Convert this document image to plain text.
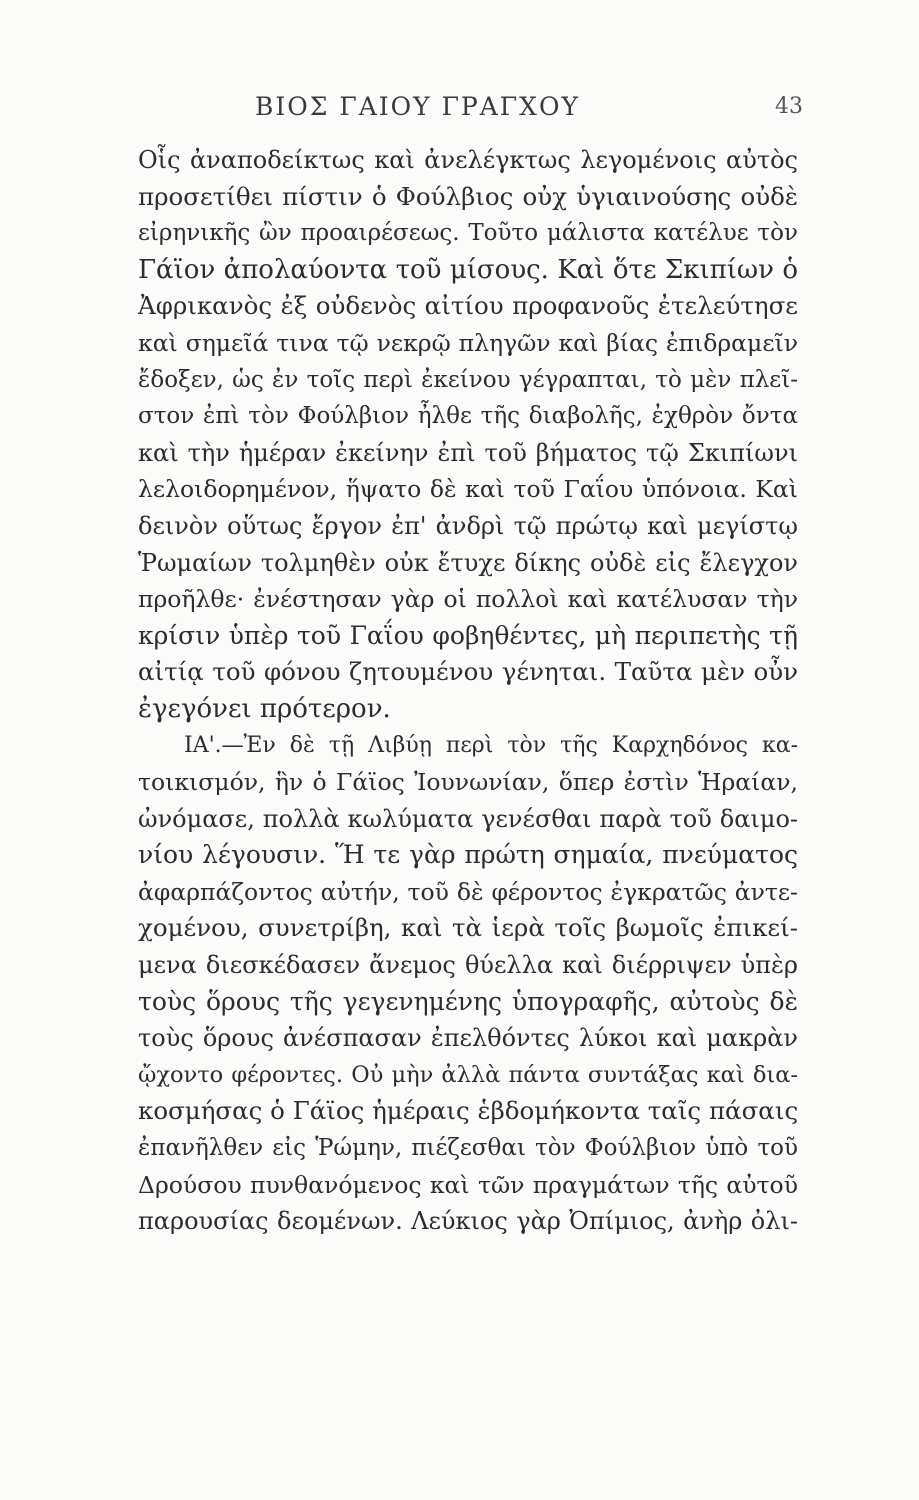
ΒΙΟΣ ΓΑΙΟΥ ΓΡΑΓΧΟΥ	43
Οἷς ἀναποδείκτως καὶ ἀνελέγκτως λεγομένοις αὐτὸς
προσετίθει πίστιν ὁ Φούλβιος οὐχ ὑγιαινούσης οὐδὲ
εἰρηνικῆς ὢν προαιρέσεως. Τοῦτο μάλιστα κατέλυε τὸν
Γάϊον ἀπολαύοντα τοῦ μίσους. Καὶ ὅτε Σκιπίων ὁ
Ἀφρικανὸς ἐξ οὐδενὸς αἰτίου προφανοῦς ἐτελεύτησε
καὶ σημεῖά τινα τῷ νεκρῷ πληγῶν καὶ βίας ἐπιδραμεῖν
ἔδοξεν, ὡς ἐν τοῖς περὶ ἐκείνου γέγραπται, τὸ μὲν πλεῖ-
στον ἐπὶ τὸν Φούλβιον ἦλθε τῆς διαβολῆς, ἐχθρὸν ὄντα
καὶ τὴν ἡμέραν ἐκείνην ἐπὶ τοῦ βήματος τῷ Σκιπίωνι
λελοιδορημένον, ἥψατο δὲ καὶ τοῦ Γαΐου ὑπόνοια. Καὶ
δεινὸν οὕτως ἔργον ἐπ' ἀνδρὶ τῷ πρώτῳ καὶ μεγίστῳ
Ῥωμαίων τολμηθὲν οὐκ ἔτυχε δίκης οὐδὲ εἰς ἔλεγχον
προῆλθε· ἐνέστησαν γὰρ οἱ πολλοὶ καὶ κατέλυσαν τὴν
κρίσιν ὑπὲρ τοῦ Γαΐου φοβηθέντες, μὴ περιπετὴς τῇ
αἰτίᾳ τοῦ φόνου ζητουμένου γένηται. Ταῦτα μὲν οὖν
ἐγεγόνει πρότερον.
ΙΑ'.—Ἐν δὲ τῇ Λιβύῃ περὶ τὸν τῆς Καρχηδόνος κα-
τοικισμόν, ἣν ὁ Γάϊος Ἰουνωνίαν, ὅπερ ἐστὶν Ἡραίαν,
ὠνόμασε, πολλὰ κωλύματα γενέσθαι παρὰ τοῦ δαιμο-
νίου λέγουσιν. Ἥ τε γὰρ πρώτη σημαία, πνεύματος
ἀφαρπάζοντος αὐτήν, τοῦ δὲ φέροντος ἐγκρατῶς ἀντε-
χομένου, συνετρίβη, καὶ τὰ ἱερὰ τοῖς βωμοῖς ἐπικεί-
μενα διεσκέδασεν ἄνεμος θύελλα καὶ διέρριψεν ὑπὲρ
τοὺς ὅρους τῆς γεγενημένης ὑπογραφῆς, αὐτοὺς δὲ
τοὺς ὅρους ἀνέσπασαν ἐπελθόντες λύκοι καὶ μακρὰν
ᾤχοντο φέροντες. Οὐ μὴν ἀλλὰ πάντα συντάξας καὶ δια-
κοσμήσας ὁ Γάϊος ἡμέραις ἑβδομήκοντα ταῖς πάσαις
ἐπανῆλθεν εἰς Ῥώμην, πιέζεσθαι τὸν Φούλβιον ὑπὸ τοῦ
Δρούσου πυνθανόμενος καὶ τῶν πραγμάτων τῆς αὐτοῦ
παρουσίας δεομένων. Λεύκιος γὰρ Ὀπίμιος, ἀνὴρ ὀλι-
